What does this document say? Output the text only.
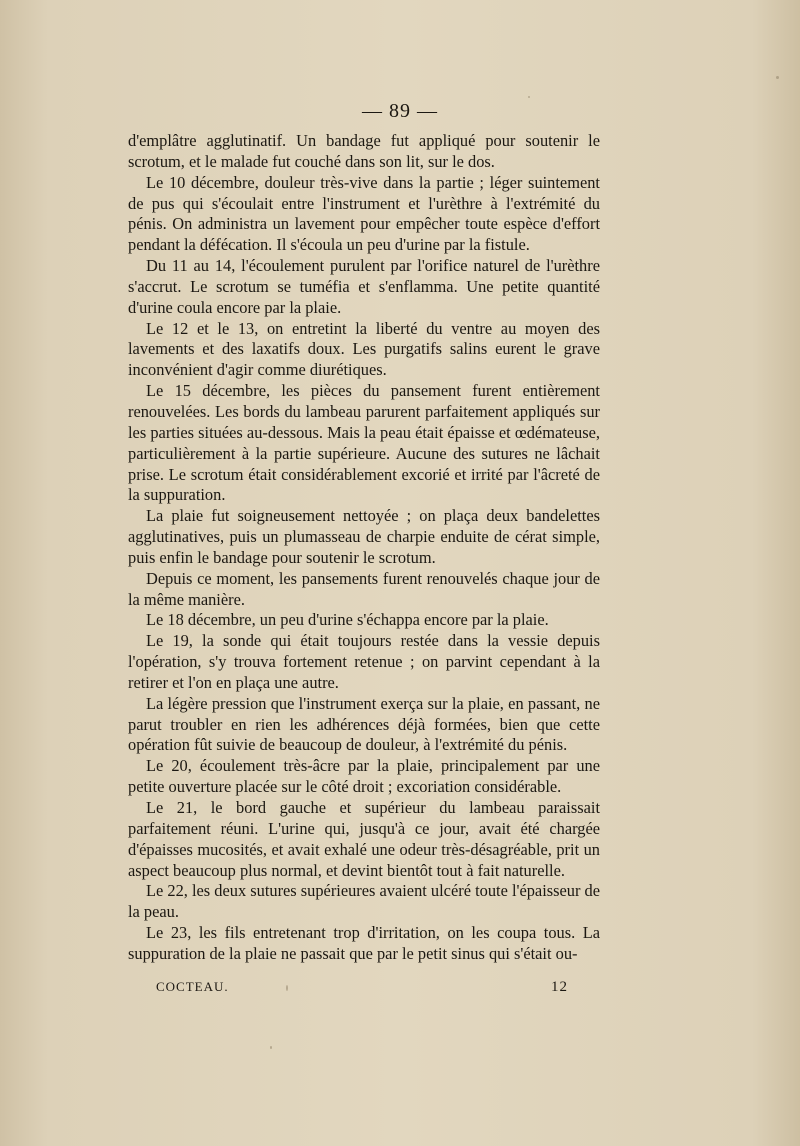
— 89 —

d'emplâtre agglutinatif. Un bandage fut appliqué pour soutenir le scrotum, et le malade fut couché dans son lit, sur le dos.

Le 10 décembre, douleur très-vive dans la partie ; léger suintement de pus qui s'écoulait entre l'instrument et l'urèthre à l'extrémité du pénis. On administra un lavement pour empêcher toute espèce d'effort pendant la défécation. Il s'écoula un peu d'urine par la fistule.

Du 11 au 14, l'écoulement purulent par l'orifice naturel de l'urèthre s'accrut. Le scrotum se tuméfia et s'enflamma. Une petite quantité d'urine coula encore par la plaie.

Le 12 et le 13, on entretint la liberté du ventre au moyen des lavements et des laxatifs doux. Les purgatifs salins eurent le grave inconvénient d'agir comme diurétiques.

Le 15 décembre, les pièces du pansement furent entièrement renouvelées. Les bords du lambeau parurent parfaitement appliqués sur les parties situées au-dessous. Mais la peau était épaisse et œdémateuse, particulièrement à la partie supérieure. Aucune des sutures ne lâchait prise. Le scrotum était considérablement excorié et irrité par l'âcreté de la suppuration.

La plaie fut soigneusement nettoyée ; on plaça deux bandelettes agglutinatives, puis un plumasseau de charpie enduite de cérat simple, puis enfin le bandage pour soutenir le scrotum.

Depuis ce moment, les pansements furent renouvelés chaque jour de la même manière.

Le 18 décembre, un peu d'urine s'échappa encore par la plaie.

Le 19, la sonde qui était toujours restée dans la vessie depuis l'opération, s'y trouva fortement retenue ; on parvint cependant à la retirer et l'on en plaça une autre.

La légère pression que l'instrument exerça sur la plaie, en passant, ne parut troubler en rien les adhérences déjà formées, bien que cette opération fût suivie de beaucoup de douleur, à l'extrémité du pénis.

Le 20, écoulement très-âcre par la plaie, principalement par une petite ouverture placée sur le côté droit ; excoriation considérable.

Le 21, le bord gauche et supérieur du lambeau paraissait parfaitement réuni. L'urine qui, jusqu'à ce jour, avait été chargée d'épaisses mucosités, et avait exhalé une odeur très-désagréable, prit un aspect beaucoup plus normal, et devint bientôt tout à fait naturelle.

Le 22, les deux sutures supérieures avaient ulcéré toute l'épaisseur de la peau.

Le 23, les fils entretenant trop d'irritation, on les coupa tous. La suppuration de la plaie ne passait que par le petit sinus qui s'était ou-

COCTEAU.	12
